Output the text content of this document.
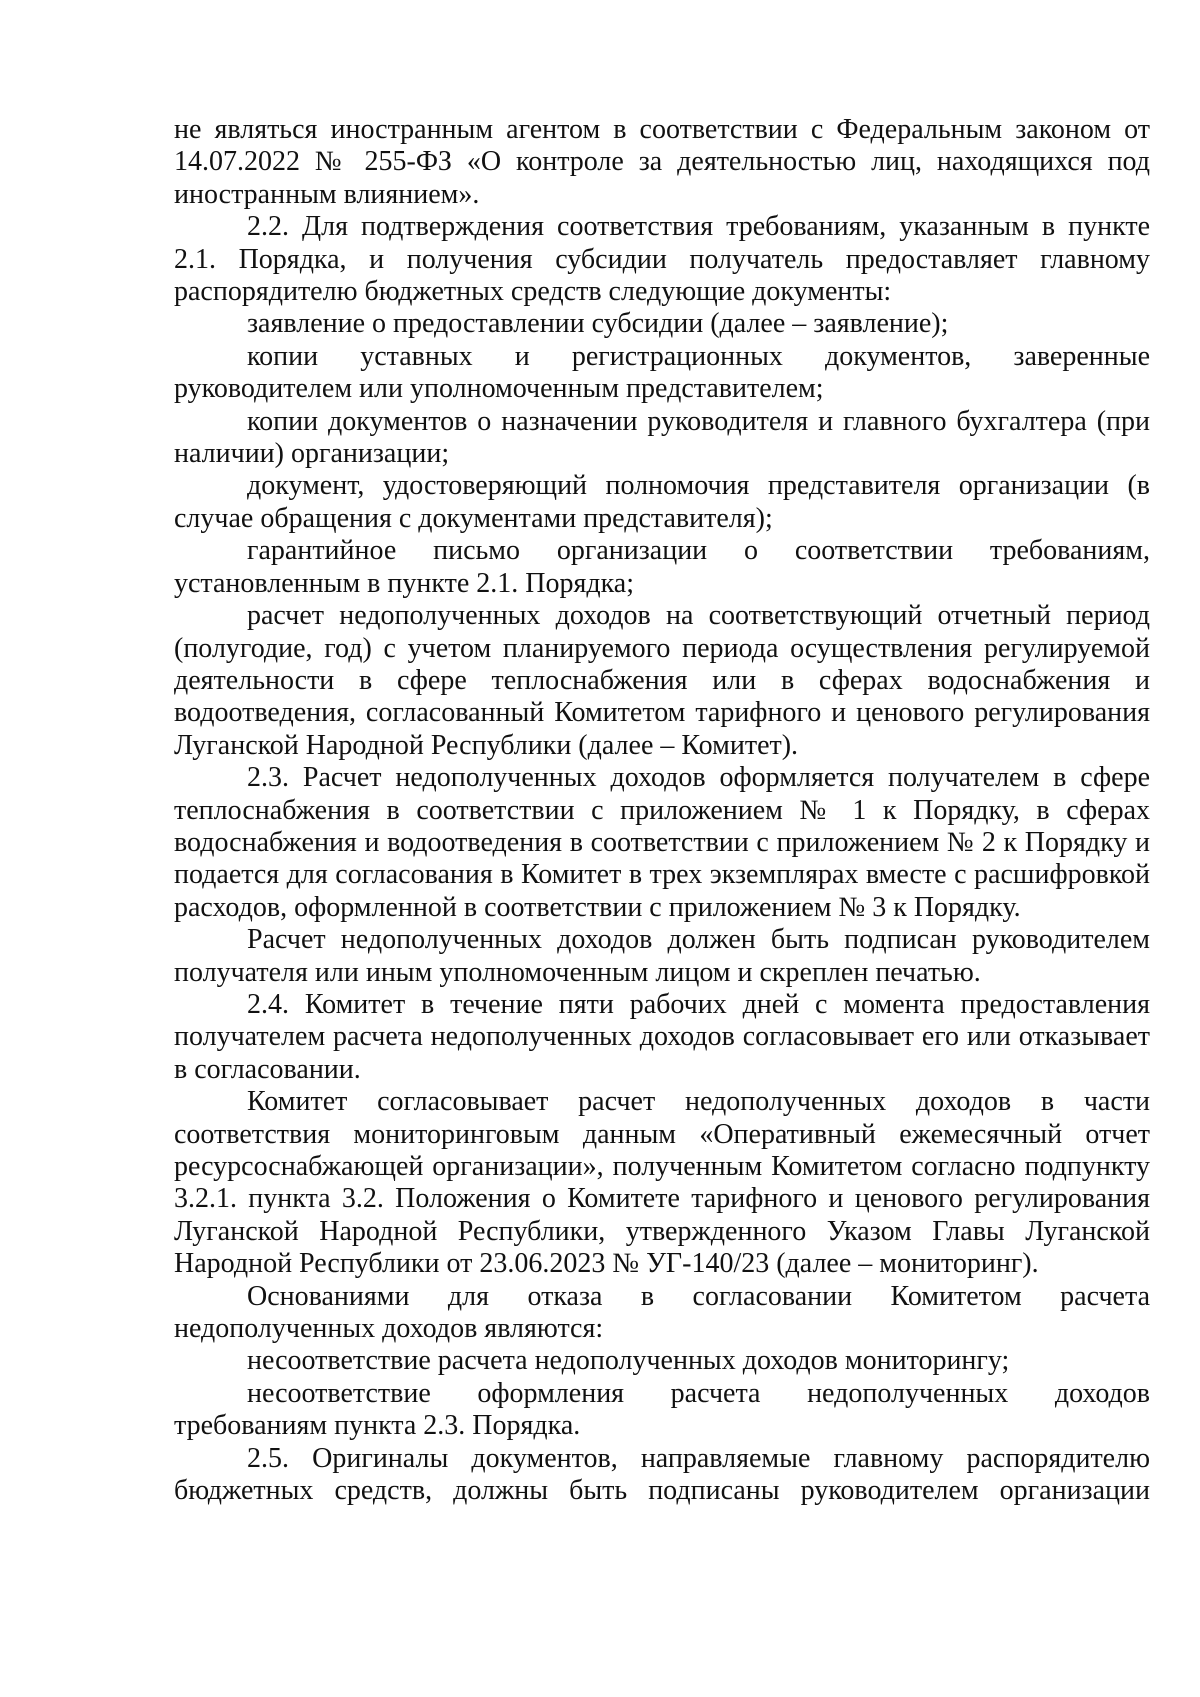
не являться иностранным агентом в соответствии с Федеральным законом от 14.07.2022 № 255-ФЗ «О контроле за деятельностью лиц, находящихся под иностранным влиянием».

2.2. Для подтверждения соответствия требованиям, указанным в пункте 2.1. Порядка, и получения субсидии получатель предоставляет главному распорядителю бюджетных средств следующие документы:

заявление о предоставлении субсидии (далее – заявление);

копии уставных и регистрационных документов, заверенные руководителем или уполномоченным представителем;

копии документов о назначении руководителя и главного бухгалтера (при наличии) организации;

документ, удостоверяющий полномочия представителя организации (в случае обращения с документами представителя);

гарантийное письмо организации о соответствии требованиям, установленным в пункте 2.1. Порядка;

расчет недополученных доходов на соответствующий отчетный период (полугодие, год) с учетом планируемого периода осуществления регулируемой деятельности в сфере теплоснабжения или в сферах водоснабжения и водоотведения, согласованный Комитетом тарифного и ценового регулирования Луганской Народной Республики (далее – Комитет).

2.3. Расчет недополученных доходов оформляется получателем в сфере теплоснабжения в соответствии с приложением № 1 к Порядку, в сферах водоснабжения и водоотведения в соответствии с приложением № 2 к Порядку и подается для согласования в Комитет в трех экземплярах вместе с расшифровкой расходов, оформленной в соответствии с приложением № 3 к Порядку.

Расчет недополученных доходов должен быть подписан руководителем получателя или иным уполномоченным лицом и скреплен печатью.

2.4. Комитет в течение пяти рабочих дней с момента предоставления получателем расчета недополученных доходов согласовывает его или отказывает в согласовании.

Комитет согласовывает расчет недополученных доходов в части соответствия мониторинговым данным «Оперативный ежемесячный отчет ресурсоснабжающей организации», полученным Комитетом согласно подпункту 3.2.1. пункта 3.2. Положения о Комитете тарифного и ценового регулирования Луганской Народной Республики, утвержденного Указом Главы Луганской Народной Республики от 23.06.2023 № УГ-140/23 (далее – мониторинг).

Основаниями для отказа в согласовании Комитетом расчета недополученных доходов являются:

несоответствие расчета недополученных доходов мониторингу;

несоответствие оформления расчета недополученных доходов требованиям пункта 2.3. Порядка.

2.5. Оригиналы документов, направляемые главному распорядителю бюджетных средств, должны быть подписаны руководителем организации
